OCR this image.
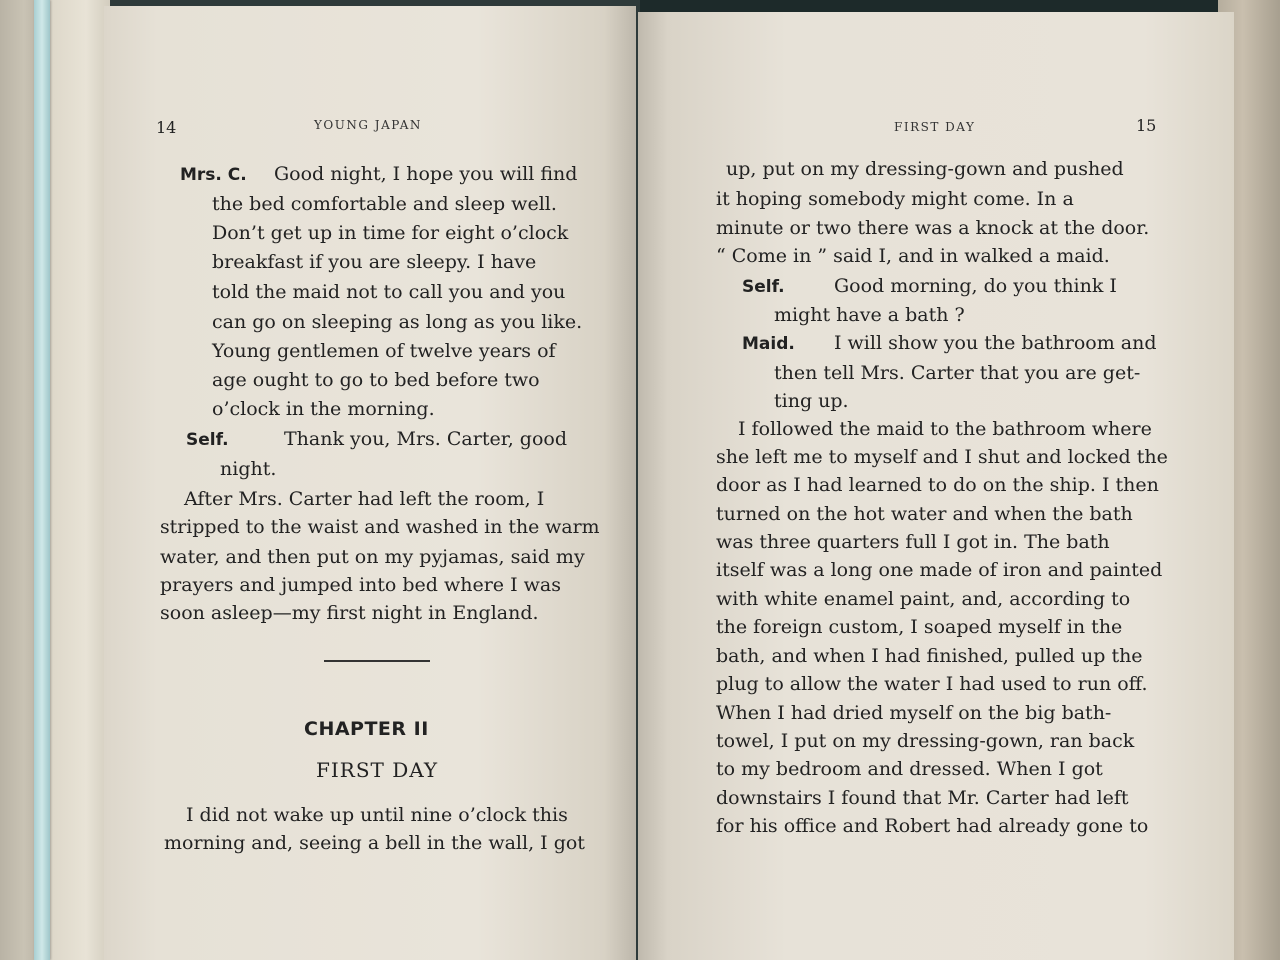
14	YOUNG JAPAN
Mrs. C. Good night, I hope you will find
the bed comfortable and sleep well.
Don’t get up in time for eight o’clock
breakfast if you are sleepy. I have
told the maid not to call you and you
can go on sleeping as long as you like.
Young gentlemen of twelve years of
age ought to go to bed before two
o’clock in the morning.
Self.	Thank you, Mrs. Carter, good
night.
After Mrs. Carter had left the room, I
stripped to the waist and washed in the warm
water, and then put on my pyjamas, said my
prayers and jumped into bed where I was
soon asleep—my first night in England.
CHAPTER II
FIRST DAY
I did not wake up until nine o’clock this
morning and, seeing a bell in the wall, I got
FIRST DAY	15
up, put on my dressing-gown and pushed
it hoping somebody might come. In a
minute or two there was a knock at the door.
“ Come in ” said I, and in walked a maid.
Self.	Good morning, do you think I
might have a bath ?
Maid. I will show you the bathroom and
then tell Mrs. Carter that you are get-
ting up.
I followed the maid to the bathroom where
she left me to myself and I shut and locked the
door as I had learned to do on the ship. I then
turned on the hot water and when the bath
was three quarters full I got in. The bath
itself was a long one made of iron and painted
with white enamel paint, and, according to
the foreign custom, I soaped myself in the
bath, and when I had finished, pulled up the
plug to allow the water I had used to run off.
When I had dried myself on the big bath-
towel, I put on my dressing-gown, ran back
to my bedroom and dressed. When I got
downstairs I found that Mr. Carter had left
for his office and Robert had already gone to
